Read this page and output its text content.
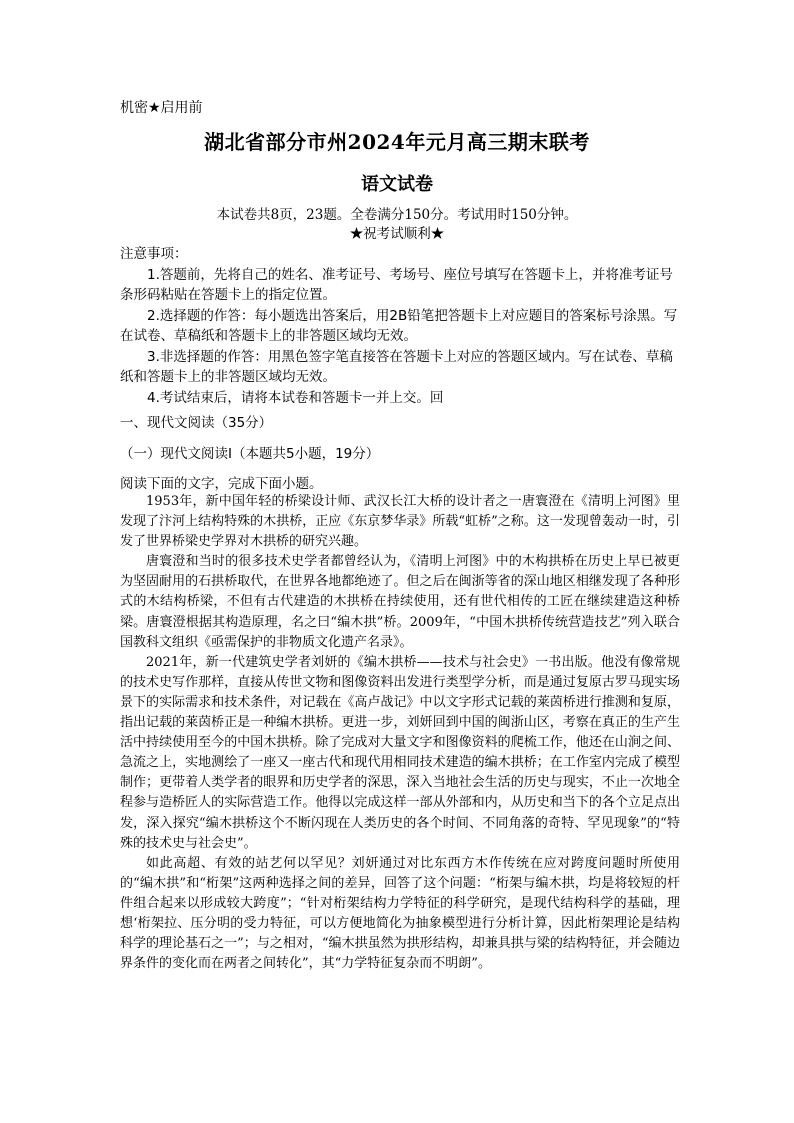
机密★启用前
湖北省部分市州2024年元月高三期末联考
语文试卷
本试卷共8页，23题。全卷满分150分。考试用时150分钟。
★祝考试顺利★

注意事项：

1.答题前，先将自己的姓名、准考证号、考场号、座位号填写在答题卡上，并将准考证号条形码粘贴在答题卡上的指定位置。

2.选择题的作答：每小题选出答案后，用2B铅笔把答题卡上对应题目的答案标号涂黑。写在试卷、草稿纸和答题卡上的非答题区域均无效。

3.非选择题的作答：用黑色签字笔直接答在答题卡上对应的答题区域内。写在试卷、草稿纸和答题卡上的非答题区域均无效。

4.考试结束后，请将本试卷和答题卡一并上交。回

一、现代文阅读（35分）
（一）现代文阅读Ⅰ（本题共5小题，19分）
阅读下面的文字，完成下面小题。

1953年，新中国年轻的桥梁设计师、武汉长江大桥的设计者之一唐寰澄在《清明上河图》里发现了汴河上结构特殊的木拱桥，正应《东京梦华录》所载“虹桥”之称。这一发现曾轰动一时，引发了世界桥梁史学界对木拱桥的研究兴趣。

唐寰澄和当时的很多技术史学者都曾经认为，《清明上河图》中的木构拱桥在历史上早已被更为坚固耐用的石拱桥取代，在世界各地都绝迹了。但之后在闽浙等省的深山地区相继发现了各种形式的木结构桥梁，不但有古代建造的木拱桥在持续使用，还有世代相传的工匠在继续建造这种桥梁。唐寰澄根据其构造原理，名之曰“编木拱”桥。2009年，“中国木拱桥传统营造技艺”列入联合国教科文组织《亟需保护的非物质文化遗产名录》。

2021年，新一代建筑史学者刘妍的《编木拱桥——技术与社会史》一书出版。他没有像常规的技术史写作那样，直接从传世文物和图像资料出发进行类型学分析，而是通过复原古罗马现实场景下的实际需求和技术条件，对记载在《高卢战记》中以文字形式记载的莱茵桥进行推测和复原，指出记载的莱茵桥正是一种编木拱桥。更进一步，刘妍回到中国的闽浙山区，考察在真正的生产生活中持续使用至今的中国木拱桥。除了完成对大量文字和图像资料的爬梳工作，他还在山涧之间、急流之上，实地测绘了一座又一座古代和现代用相同技术建造的编木拱桥；在工作室内完成了模型制作；更带着人类学者的眼界和历史学者的深思，深入当地社会生活的历史与现实，不止一次地全程参与造桥匠人的实际营造工作。他得以完成这样一部从外部和内，从历史和当下的各个立足点出发，深入探究“编木拱桥这个不断闪现在人类历史的各个时间、不同角落的奇特、罕见现象”的“特殊的技术史与社会史”。

如此高超、有效的站艺何以罕见？刘妍通过对比东西方木作传统在应对跨度问题时所使用的“编木拱”和“桁架”这两种选择之间的差异，回答了这个问题：“桁架与编木拱，均是将较短的杆件组合起来以形成较大跨度”；“针对桁架结构力学特征的科学研究，是现代结构科学的基础，理想‘桁架拉、压分明的受力特征，可以方便地简化为抽象模型进行分析计算，因此桁架理论是结构科学的理论基石之一”；与之相对，“编木拱虽然为拱形结构，却兼具拱与梁的结构特征，并会随边界条件的变化而在两者之间转化”，其“力学特征复杂而不明朗”。
